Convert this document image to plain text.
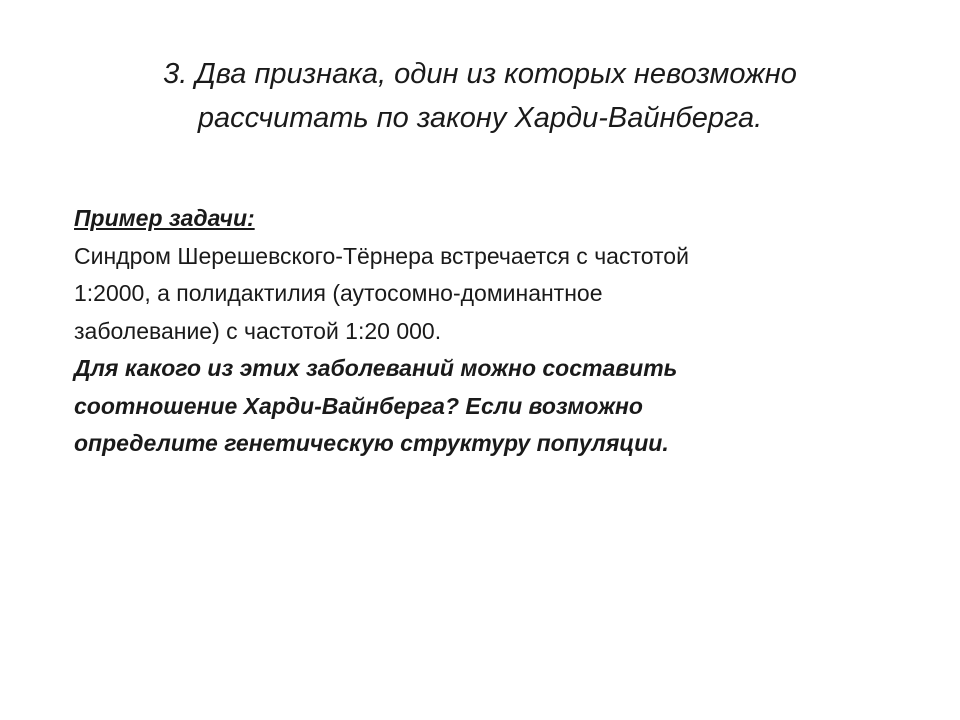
3. Два признака, один из которых невозможно
рассчитать по закону Харди-Вайнберга.
Пример задачи:
Синдром Шерешевского-Тёрнера встречается с частотой
1:2000, а полидактилия (аутосомно-доминантное
заболевание) с частотой 1:20 000.
Для какого из этих заболеваний можно составить
соотношение Харди-Вайнберга? Если возможно
определите генетическую структуру популяции.
